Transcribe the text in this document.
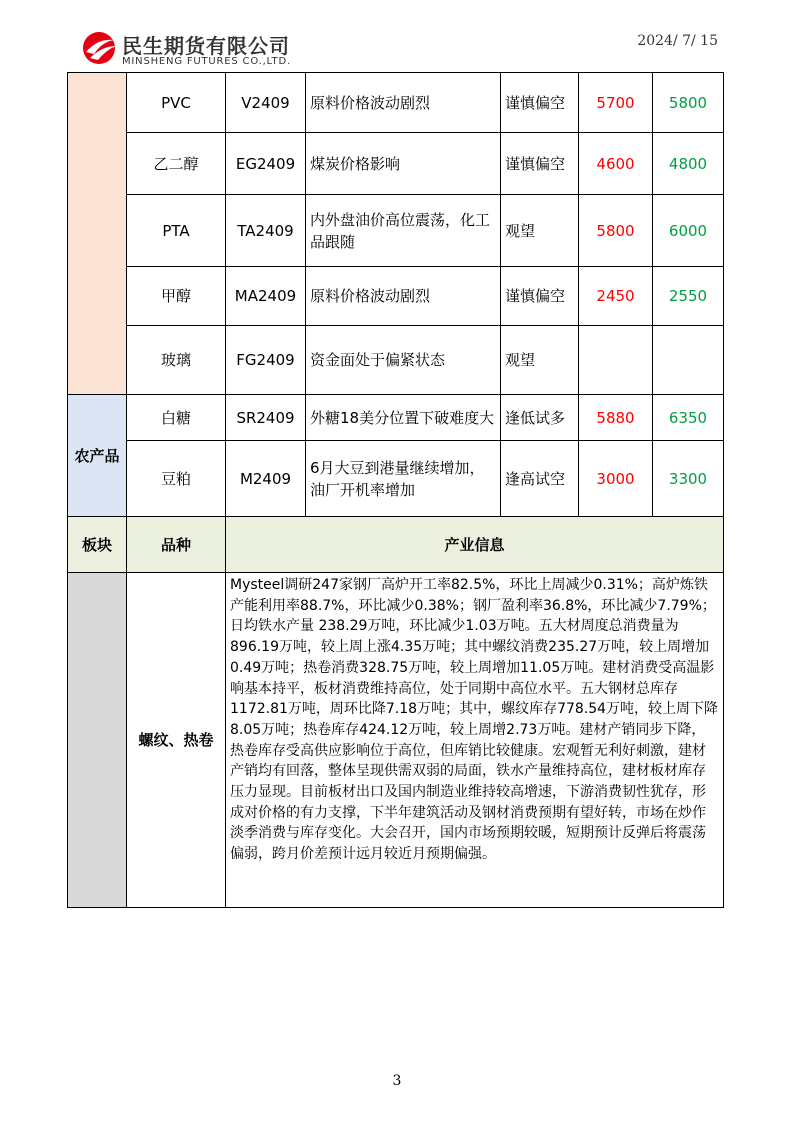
民生期货有限公司
MINSHENG FUTURES CO.,LTD.
2024/ 7/ 15
	PVC	V2409	原料价格波动剧烈	谨慎偏空	5700	5800
	乙二醇	EG2409	煤炭价格影响	谨慎偏空	4600	4800
	PTA	TA2409	内外盘油价高位震荡，化工品跟随	观望	5800	6000
	甲醇	MA2409	原料价格波动剧烈	谨慎偏空	2450	2550
	玻璃	FG2409	资金面处于偏紧状态	观望		
农产品	白糖	SR2409	外糖18美分位置下破难度大	逢低试多	5880	6350
	豆粕	M2409	6月大豆到港量继续增加，油厂开机率增加	逢高试空	3000	3300
板块	品种	产业信息				
	螺纹、热卷	Mysteel调研247家钢厂高炉开工率82.5%，环比上周减少0.31%；高炉炼铁产能利用率88.7%，环比减少0.38%；钢厂盈利率36.8%，环比减少7.79%；日均铁水产量 238.29万吨，环比减少1.03万吨。五大材周度总消费量为896.19万吨，较上周上涨4.35万吨；其中螺纹消费235.27万吨，较上周增加0.49万吨；热卷消费328.75万吨，较上周增加11.05万吨。建材消费受高温影响基本持平，板材消费维持高位，处于同期中高位水平。五大钢材总库存1172.81万吨，周环比降7.18万吨；其中，螺纹库存778.54万吨，较上周下降8.05万吨；热卷库存424.12万吨，较上周增2.73万吨。建材产销同步下降，热卷库存受高供应影响位于高位，但库销比较健康。宏观暂无利好刺激，建材产销均有回落，整体呈现供需双弱的局面，铁水产量维持高位，建材板材库存压力显现。目前板材出口及国内制造业维持较高增速，下游消费韧性犹存，形成对价格的有力支撑，下半年建筑活动及钢材消费预期有望好转，市场在炒作淡季消费与库存变化。大会召开，国内市场预期较暖，短期预计反弹后将震荡偏弱，跨月价差预计远月较近月预期偏强。				
3
